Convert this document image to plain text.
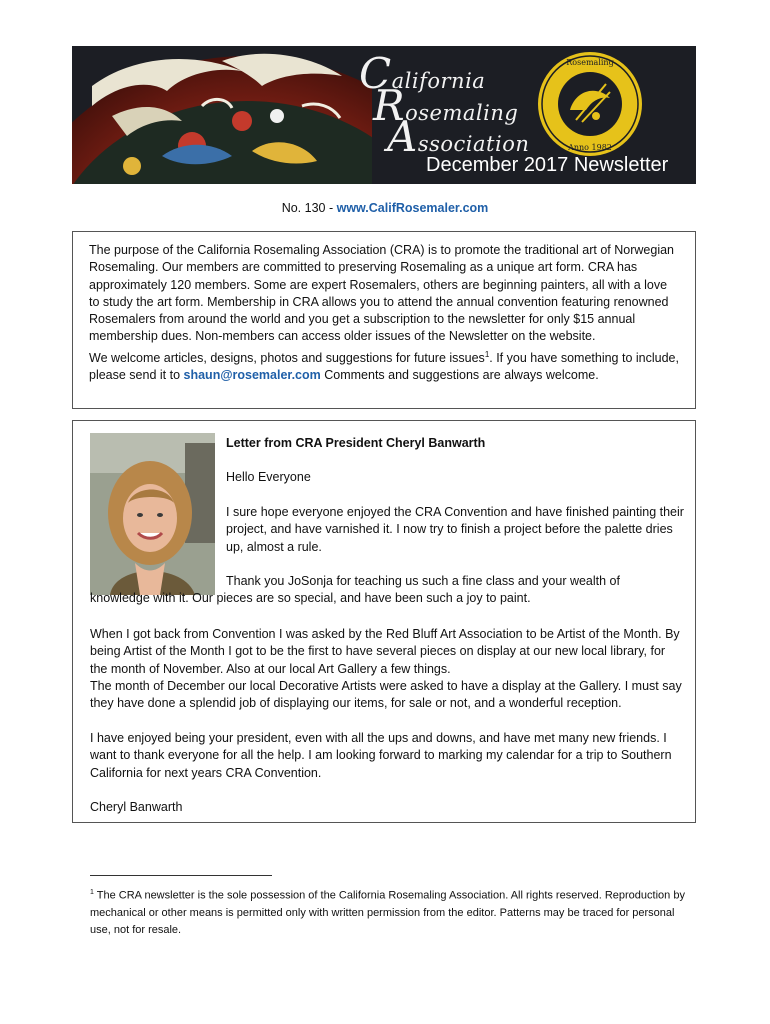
California
Rosemaling
Association
Rosemaling
Anno 1982
December 2017 Newsletter
No. 130 - www.CalifRosemaler.com

The purpose of the California Rosemaling Association (CRA) is to promote the traditional art of Norwegian Rosemaling. Our members are committed to preserving Rosemaling as a unique art form. CRA has approximately 120 members. Some are expert Rosemalers, others are beginning painters, all with a love to study the art form. Membership in CRA allows you to attend the annual convention featuring renowned Rosemalers from around the world and you get a subscription to the newsletter for only $15 annual membership dues. Non-members can access older issues of the Newsletter on the website.

We welcome articles, designs, photos and suggestions for future issues$^1$. If you have something to include, please send it to shaun@rosemaler.com Comments and suggestions are always welcome.

Letter from CRA President Cheryl Banwarth

Hello Everyone

I sure hope everyone enjoyed the CRA Convention and have finished painting their project, and have varnished it. I now try to finish a project before the palette dries up, almost a rule.

Thank you JoSonja for teaching us such a fine class and your wealth of knowledge with it. Our pieces are so special, and have been such a joy to paint.

When I got back from Convention I was asked by the Red Bluff Art Association to be Artist of the Month. By being Artist of the Month I got to be the first to have several pieces on display at our new local library, for the month of November. Also at our local Art Gallery a few things.
The month of December our local Decorative Artists were asked to have a display at the Gallery. I must say they have done a splendid job of displaying our items, for sale or not, and a wonderful reception.

I have enjoyed being your president, even with all the ups and downs, and have met many new friends. I want to thank everyone for all the help. I am looking forward to marking my calendar for a trip to Southern California for next years CRA Convention.

Cheryl Banwarth

$^1$ The CRA newsletter is the sole possession of the California Rosemaling Association. All rights reserved. Reproduction by mechanical or other means is permitted only with written permission from the editor. Patterns may be traced for personal use, not for resale.
